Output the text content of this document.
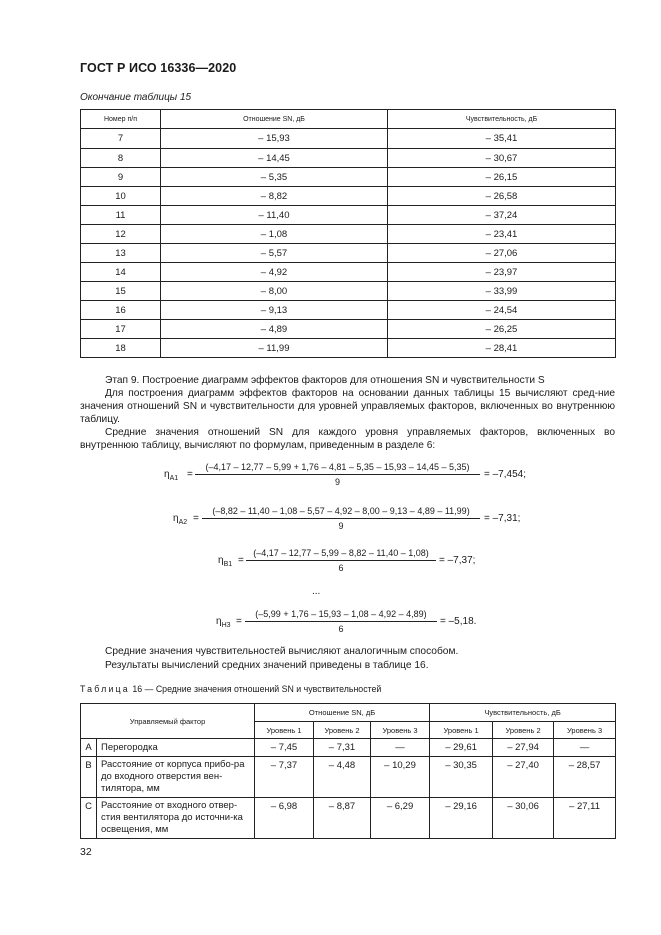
ГОСТ Р ИСО 16336—2020
Окончание таблицы 15
Номер п/п	Отношение SN, дБ	Чувствительность, дБ
7	– 15,93	– 35,41
8	– 14,45	– 30,67
9	– 5,35	– 26,15
10	– 8,82	– 26,58
11	– 11,40	– 37,24
12	– 1,08	– 23,41
13	– 5,57	– 27,06
14	– 4,92	– 23,97
15	– 8,00	– 33,99
16	– 9,13	– 24,54
17	– 4,89	– 26,25
18	– 11,99	– 28,41
Этап 9. Построение диаграмм эффектов факторов для отношения SN и чувствительности S
Для построения диаграмм эффектов факторов на основании данных таблицы 15 вычисляют сред-ние значения отношений SN и чувствительности для уровней управляемых факторов, включенных во внутреннюю таблицу.
Средние значения отношений SN для каждого уровня управляемых факторов, включенных во внутреннюю таблицу, вычисляют по формулам, приведенным в разделе 6:
$\eta_{A1}$ =
(–4,17 – 12,77 – 5,99 + 1,76 – 4,81 – 5,35 – 15,93 – 14,45 – 5,35)
9
= –7,454;
$\eta_{A2}$ =
(–8,82 – 11,40 – 1,08 – 5,57 – 4,92 – 8,00 – 9,13 – 4,89 – 11,99)
9
= –7,31;
$\eta_{B1} = \frac{(-4,17 - 12,77 - 5,99 - 8,82 - 11,40 - 1,08)}{6} = -7,37$;
...
$\eta_{H3} = \frac{(-5,99 + 1,76 - 15,93 - 1,08 - 4,92 - 4,89)}{6} = -5,18$.
Средние значения чувствительностей вычисляют аналогичным способом.
Результаты вычислений средних значений приведены в таблице 16.
Таблица 16 — Средние значения отношений SN и чувствительностей
Управляемый фактор		Отношение SN, дБ			Чувствительность, дБ		
		Уровень 1	Уровень 2	Уровень 3	Уровень 1	Уровень 2	Уровень 3
A	Перегородка	– 7,45	– 7,31	—	– 29,61	– 27,94	—
B	Расстояние от корпуса прибо-ра до входного отверстия вен-тилятора, мм	– 7,37	– 4,48	– 10,29	– 30,35	– 27,40	– 28,57
C	Расстояние от входного отвер-стия вентилятора до источни-ка освещения, мм	– 6,98	– 8,87	– 6,29	– 29,16	– 30,06	– 27,11
32
